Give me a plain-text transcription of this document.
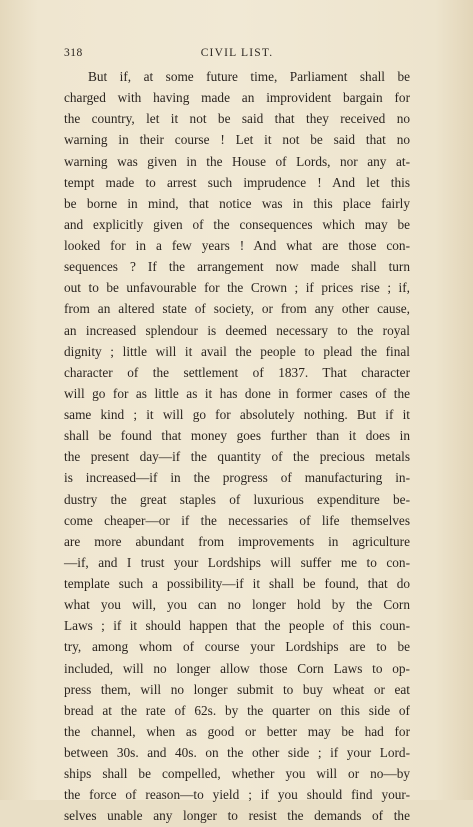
318	CIVIL LIST.
But if, at some future time, Parliament shall be
charged with having made an improvident bargain for
the country, let it not be said that they received no
warning in their course ! Let it not be said that no
warning was given in the House of Lords, nor any at-
tempt made to arrest such imprudence ! And let this
be borne in mind, that notice was in this place fairly
and explicitly given of the consequences which may be
looked for in a few years ! And what are those con-
sequences ? If the arrangement now made shall turn
out to be unfavourable for the Crown ; if prices rise ; if,
from an altered state of society, or from any other cause,
an increased splendour is deemed necessary to the royal
dignity ; little will it avail the people to plead the final
character of the settlement of 1837. That character
will go for as little as it has done in former cases of the
same kind ; it will go for absolutely nothing. But if it
shall be found that money goes further than it does in
the present day—if the quantity of the precious metals
is increased—if in the progress of manufacturing in-
dustry the great staples of luxurious expenditure be-
come cheaper—or if the necessaries of life themselves
are more abundant from improvements in agriculture
—if, and I trust your Lordships will suffer me to con-
template such a possibility—if it shall be found, that do
what you will, you can no longer hold by the Corn
Laws ; if it should happen that the people of this coun-
try, among whom of course your Lordships are to be
included, will no longer allow those Corn Laws to op-
press them, will no longer submit to buy wheat or eat
bread at the rate of 62s. by the quarter on this side of
the channel, when as good or better may be had for
between 30s. and 40s. on the other side ; if your Lord-
ships shall be compelled, whether you will or no—by
the force of reason—to yield ; if you should find your-
selves unable any longer to resist the demands of the
